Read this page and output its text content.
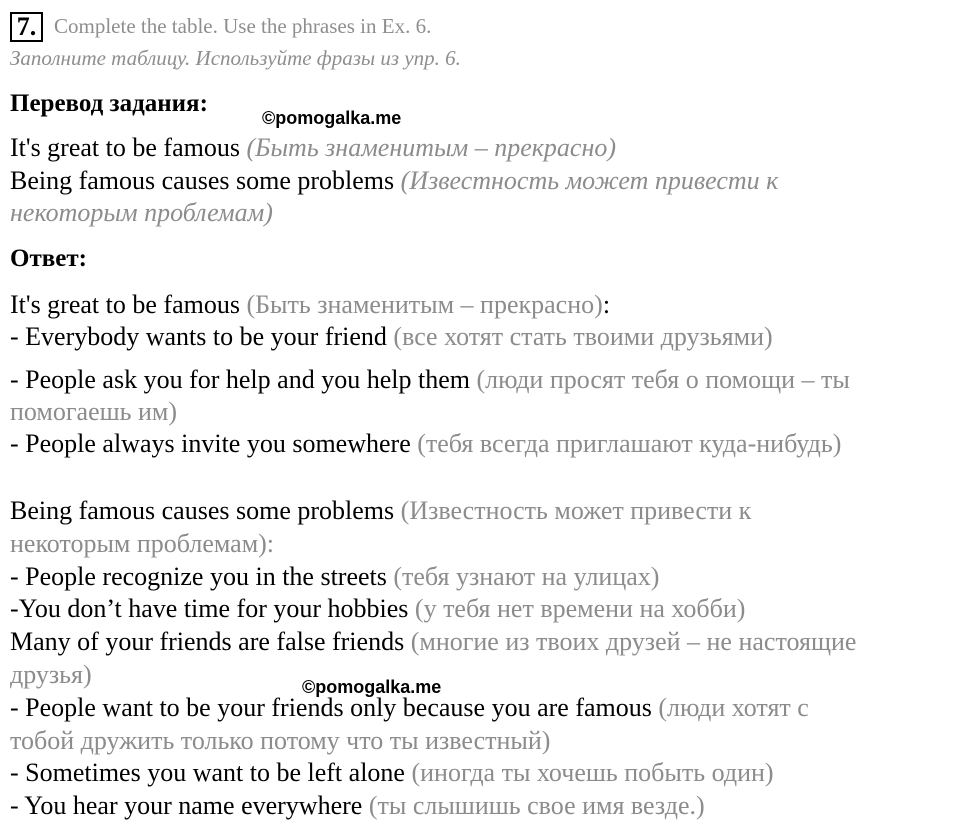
7. Complete the table. Use the phrases in Ex. 6.
Заполните таблицу. Используйте фразы из упр. 6.
Перевод задания:
©pomogalka.me
It's great to be famous (Быть знаменитым – прекрасно)
Being famous causes some problems (Известность может привести к
некоторым проблемам)
Ответ:
It's great to be famous (Быть знаменитым – прекрасно):
- Everybody wants to be your friend (все хотят стать твоими друзьями)
- People ask you for help and you help them (люди просят тебя о помощи – ты
помогаешь им)
- People always invite you somewhere (тебя всегда приглашают куда-нибудь)
Being famous causes some problems (Известность может привести к
некоторым проблемам):
- People recognize you in the streets (тебя узнают на улицах)
-You don’t have time for your hobbies (у тебя нет времени на хобби)
Many of your friends are false friends (многие из твоих друзей – не настоящие
друзья)	©pomogalka.me
- People want to be your friends only because you are famous (люди хотят с
тобой дружить только потому что ты известный)
- Sometimes you want to be left alone (иногда ты хочешь побыть один)
- You hear your name everywhere (ты слышишь свое имя везде.)
